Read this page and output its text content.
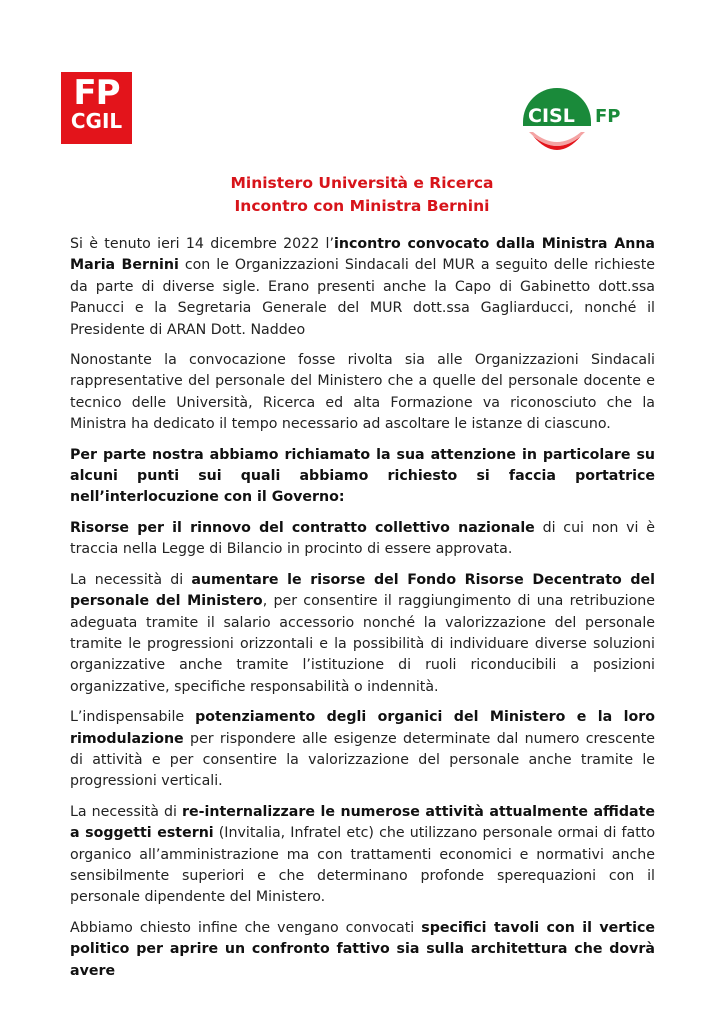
FP
CGIL	CISL FP
Ministero Università e Ricerca
Incontro con Ministra Bernini

Si è tenuto ieri 14 dicembre 2022 l’incontro convocato dalla Ministra Anna Maria Bernini con le Organizzazioni Sindacali del MUR a seguito delle richieste da parte di diverse sigle. Erano presenti anche la Capo di Gabinetto dott.ssa Panucci e la Segretaria Generale del MUR dott.ssa Gagliarducci, nonché il Presidente di ARAN Dott. Naddeo

Nonostante la convocazione fosse rivolta sia alle Organizzazioni Sindacali rappresentative del personale del Ministero che a quelle del personale docente e tecnico delle Università, Ricerca ed alta Formazione va riconosciuto che la Ministra ha dedicato il tempo necessario ad ascoltare le istanze di ciascuno.

Per parte nostra abbiamo richiamato la sua attenzione in particolare su alcuni punti sui quali abbiamo richiesto si faccia portatrice nell’interlocuzione con il Governo:

Risorse per il rinnovo del contratto collettivo nazionale di cui non vi è traccia nella Legge di Bilancio in procinto di essere approvata.

La necessità di aumentare le risorse del Fondo Risorse Decentrato del personale del Ministero, per consentire il raggiungimento di una retribuzione adeguata tramite il salario accessorio nonché la valorizzazione del personale tramite le progressioni orizzontali e la possibilità di individuare diverse soluzioni organizzative anche tramite l’istituzione di ruoli riconducibili a posizioni organizzative, specifiche responsabilità o indennità.

L’indispensabile potenziamento degli organici del Ministero e la loro rimodulazione per rispondere alle esigenze determinate dal numero crescente di attività e per consentire la valorizzazione del personale anche tramite le progressioni verticali.

La necessità di re-internalizzare le numerose attività attualmente affidate a soggetti esterni (Invitalia, Infratel etc) che utilizzano personale ormai di fatto organico all’amministrazione ma con trattamenti economici e normativi anche sensibilmente superiori e che determinano profonde sperequazioni con il personale dipendente del Ministero.

Abbiamo chiesto infine che vengano convocati specifici tavoli con il vertice politico per aprire un confronto fattivo sia sulla architettura che dovrà avere
